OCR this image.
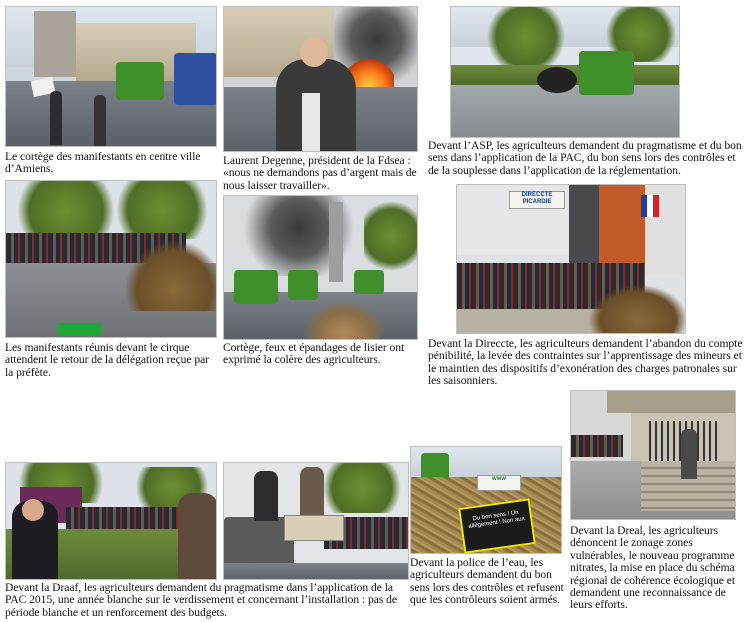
Le cortège des manifestants en centre ville d’Amiens.

Laurent Degenne, président de la Fdsea : «nous ne demandons pas d’argent mais de nous laisser travailler».

Devant l’ASP, les agriculteurs demandent du pragmatisme et du bon sens dans l’application de la PAC, du bon sens lors des contrôles et de la souplesse dans l’application de la réglementation.

Les manifestants réunis devant le cirque attendent le retour de la délégation reçue par la préfète.

Cortège, feux et épandages de lisier ont exprimé la colère des agriculteurs.

DIRECCTE PICARDIE

Devant la Direccte, les agriculteurs demandent l’abandon du compte pénibilité, la levée des contraintes sur l’apprentissage des mineurs et le maintien des dispositifs d’exonération des charges patronales sur les saisonniers.

Devant la Draaf, les agriculteurs demandent du pragmatisme dans l’application de la PAC 2015, une année blanche sur le verdissement et concernant l’installation : pas de période blanche et un renforcement des budgets.

www
Du bon sens ! Un allègement ! Non aux

Devant la police de l’eau, les agriculteurs demandent du bon sens lors des contrôles et refusent que les contrôleurs soient armés.

Devant la Dreal, les agriculteurs dénoncent le zonage zones vulnérables, le nouveau programme nitrates, la mise en place du schéma régional de cohérence écologique et demandent une reconnaissance de leurs efforts.
